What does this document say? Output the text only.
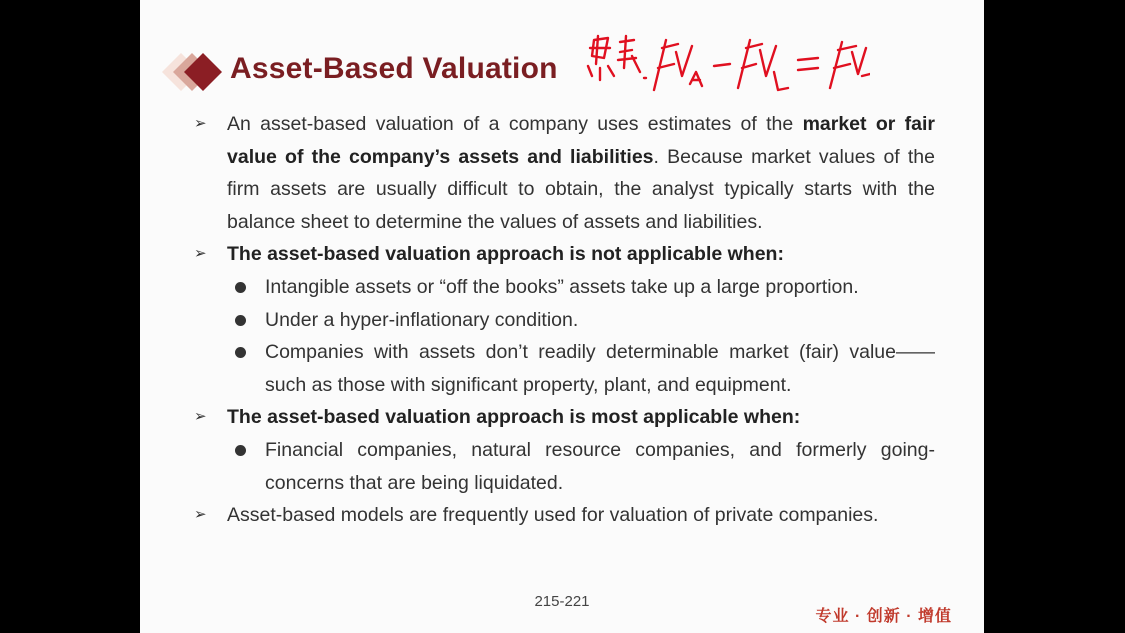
Asset-Based Valuation
➢ An asset-based valuation of a company uses estimates of the market or fair value of the company’s assets and liabilities. Because market values of the firm assets are usually difficult to obtain, the analyst typically starts with the balance sheet to determine the values of assets and liabilities.
➢ The asset-based valuation approach is not applicable when:
Intangible assets or “off the books” assets take up a large proportion.
Under a hyper-inflationary condition.
Companies with assets don’t readily determinable market (fair) value——such as those with significant property, plant, and equipment.
➢ The asset-based valuation approach is most applicable when:
Financial companies, natural resource companies, and formerly going-concerns that are being liquidated.
➢ Asset-based models are frequently used for valuation of private companies.
215-221
专业 · 创新 · 增值
